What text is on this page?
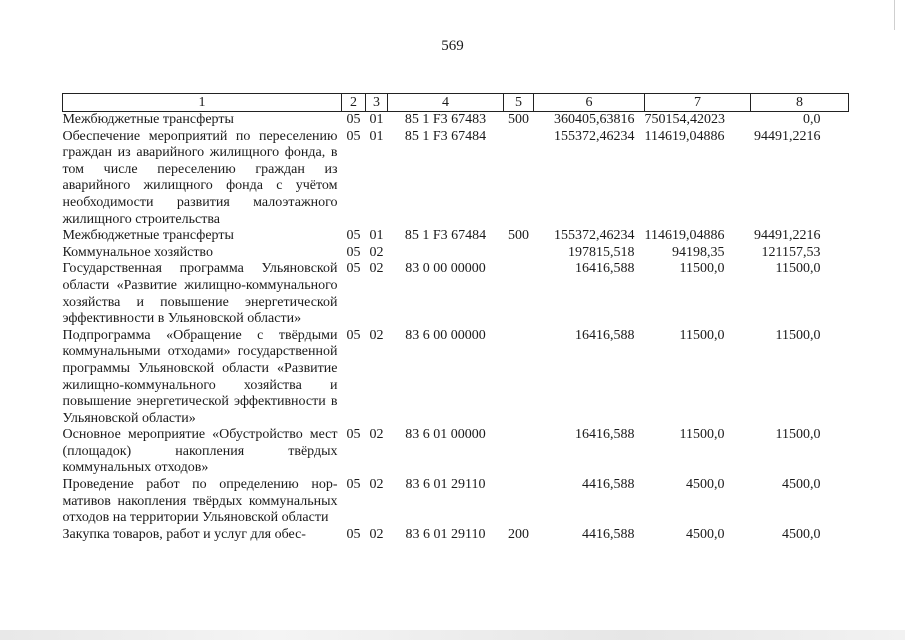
569
1	2	3	4	5	6	7	8
Межбюджетные трансферты	05	01	85 1 F3 67483	500	360405,63816	750154,42023	0,0
Обеспечение мероприятий по переселению граждан из аварийного жилищного фонда, в том числе переселению граждан из аварийного жилищного фонда с учётом необходимости развития малоэтажного жилищного строительства	05	01	85 1 F3 67484		155372,46234	114619,04886	94491,2216
Межбюджетные трансферты	05	01	85 1 F3 67484	500	155372,46234	114619,04886	94491,2216
Коммунальное хозяйство	05	02			197815,518	94198,35	121157,53
Государственная программа Ульяновской области «Развитие жилищно-коммунального хозяйства и повышение энергетической эффективности в Ульяновской области»	05	02	83 0 00 00000		16416,588	11500,0	11500,0
Подпрограмма «Обращение с твёрдыми коммунальными отходами» государственной программы Ульяновской области «Развитие жилищно-коммунального хозяйства и повышение энергетической эффективности в Ульяновской области»	05	02	83 6 00 00000		16416,588	11500,0	11500,0
Основное мероприятие «Обустройство мест (площадок) накопления твёрдых коммунальных отходов»	05	02	83 6 01 00000		16416,588	11500,0	11500,0
Проведение работ по определению нормативов накопления твёрдых коммунальных отходов на территории Ульяновской области	05	02	83 6 01 29110		4416,588	4500,0	4500,0
Закупка товаров, работ и услуг для обес-	05	02	83 6 01 29110	200	4416,588	4500,0	4500,0
